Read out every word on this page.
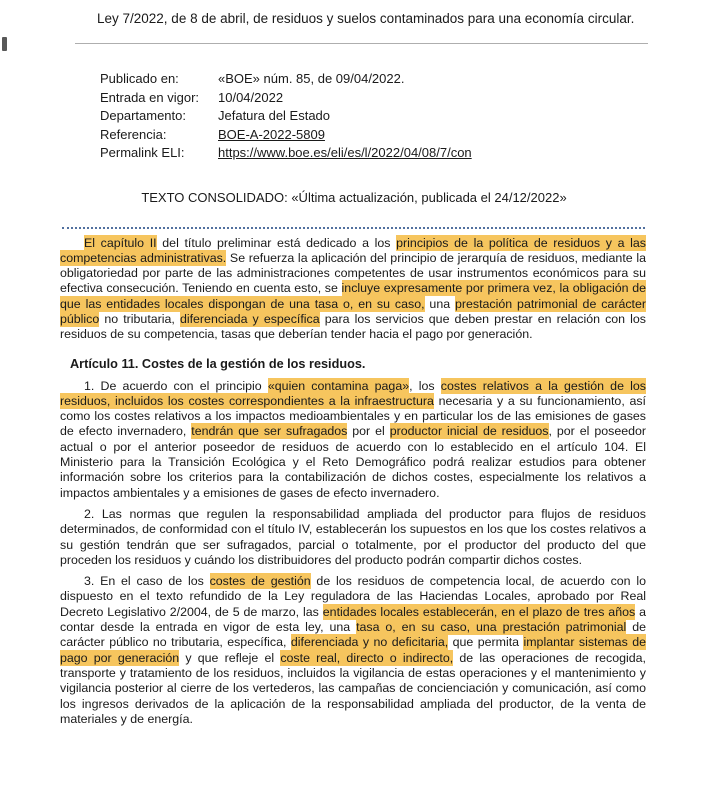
Ley 7/2022, de 8 de abril, de residuos y suelos contaminados para una economía circular.

Publicado en:	«BOE» núm. 85, de 09/04/2022.
Entrada en vigor:	10/04/2022
Departamento:	Jefatura del Estado
Referencia:	BOE-A-2022-5809
Permalink ELI:	https://www.boe.es/eli/es/l/2022/04/08/7/con

TEXTO CONSOLIDADO: «Última actualización, publicada el 24/12/2022»

El capítulo II del título preliminar está dedicado a los principios de la política de residuos y a las competencias administrativas. Se refuerza la aplicación del principio de jerarquía de residuos, mediante la obligatoriedad por parte de las administraciones competentes de usar instrumentos económicos para su efectiva consecución. Teniendo en cuenta esto, se incluye expresamente por primera vez, la obligación de que las entidades locales dispongan de una tasa o, en su caso, una prestación patrimonial de carácter público no tributaria, diferenciada y específica para los servicios que deben prestar en relación con los residuos de su competencia, tasas que deberían tender hacia el pago por generación.

Artículo 11. Costes de la gestión de los residuos.

1. De acuerdo con el principio «quien contamina paga», los costes relativos a la gestión de los residuos, incluidos los costes correspondientes a la infraestructura necesaria y a su funcionamiento, así como los costes relativos a los impactos medioambientales y en particular los de las emisiones de gases de efecto invernadero, tendrán que ser sufragados por el productor inicial de residuos, por el poseedor actual o por el anterior poseedor de residuos de acuerdo con lo establecido en el artículo 104. El Ministerio para la Transición Ecológica y el Reto Demográfico podrá realizar estudios para obtener información sobre los criterios para la contabilización de dichos costes, especialmente los relativos a impactos ambientales y a emisiones de gases de efecto invernadero.

2. Las normas que regulen la responsabilidad ampliada del productor para flujos de residuos determinados, de conformidad con el título IV, establecerán los supuestos en los que los costes relativos a su gestión tendrán que ser sufragados, parcial o totalmente, por el productor del producto del que proceden los residuos y cuándo los distribuidores del producto podrán compartir dichos costes.

3. En el caso de los costes de gestión de los residuos de competencia local, de acuerdo con lo dispuesto en el texto refundido de la Ley reguladora de las Haciendas Locales, aprobado por Real Decreto Legislativo 2/2004, de 5 de marzo, las entidades locales establecerán, en el plazo de tres años a contar desde la entrada en vigor de esta ley, una tasa o, en su caso, una prestación patrimonial de carácter público no tributaria, específica, diferenciada y no deficitaria, que permita implantar sistemas de pago por generación y que refleje el coste real, directo o indirecto, de las operaciones de recogida, transporte y tratamiento de los residuos, incluidos la vigilancia de estas operaciones y el mantenimiento y vigilancia posterior al cierre de los vertederos, las campañas de concienciación y comunicación, así como los ingresos derivados de la aplicación de la responsabilidad ampliada del productor, de la venta de materiales y de energía.
